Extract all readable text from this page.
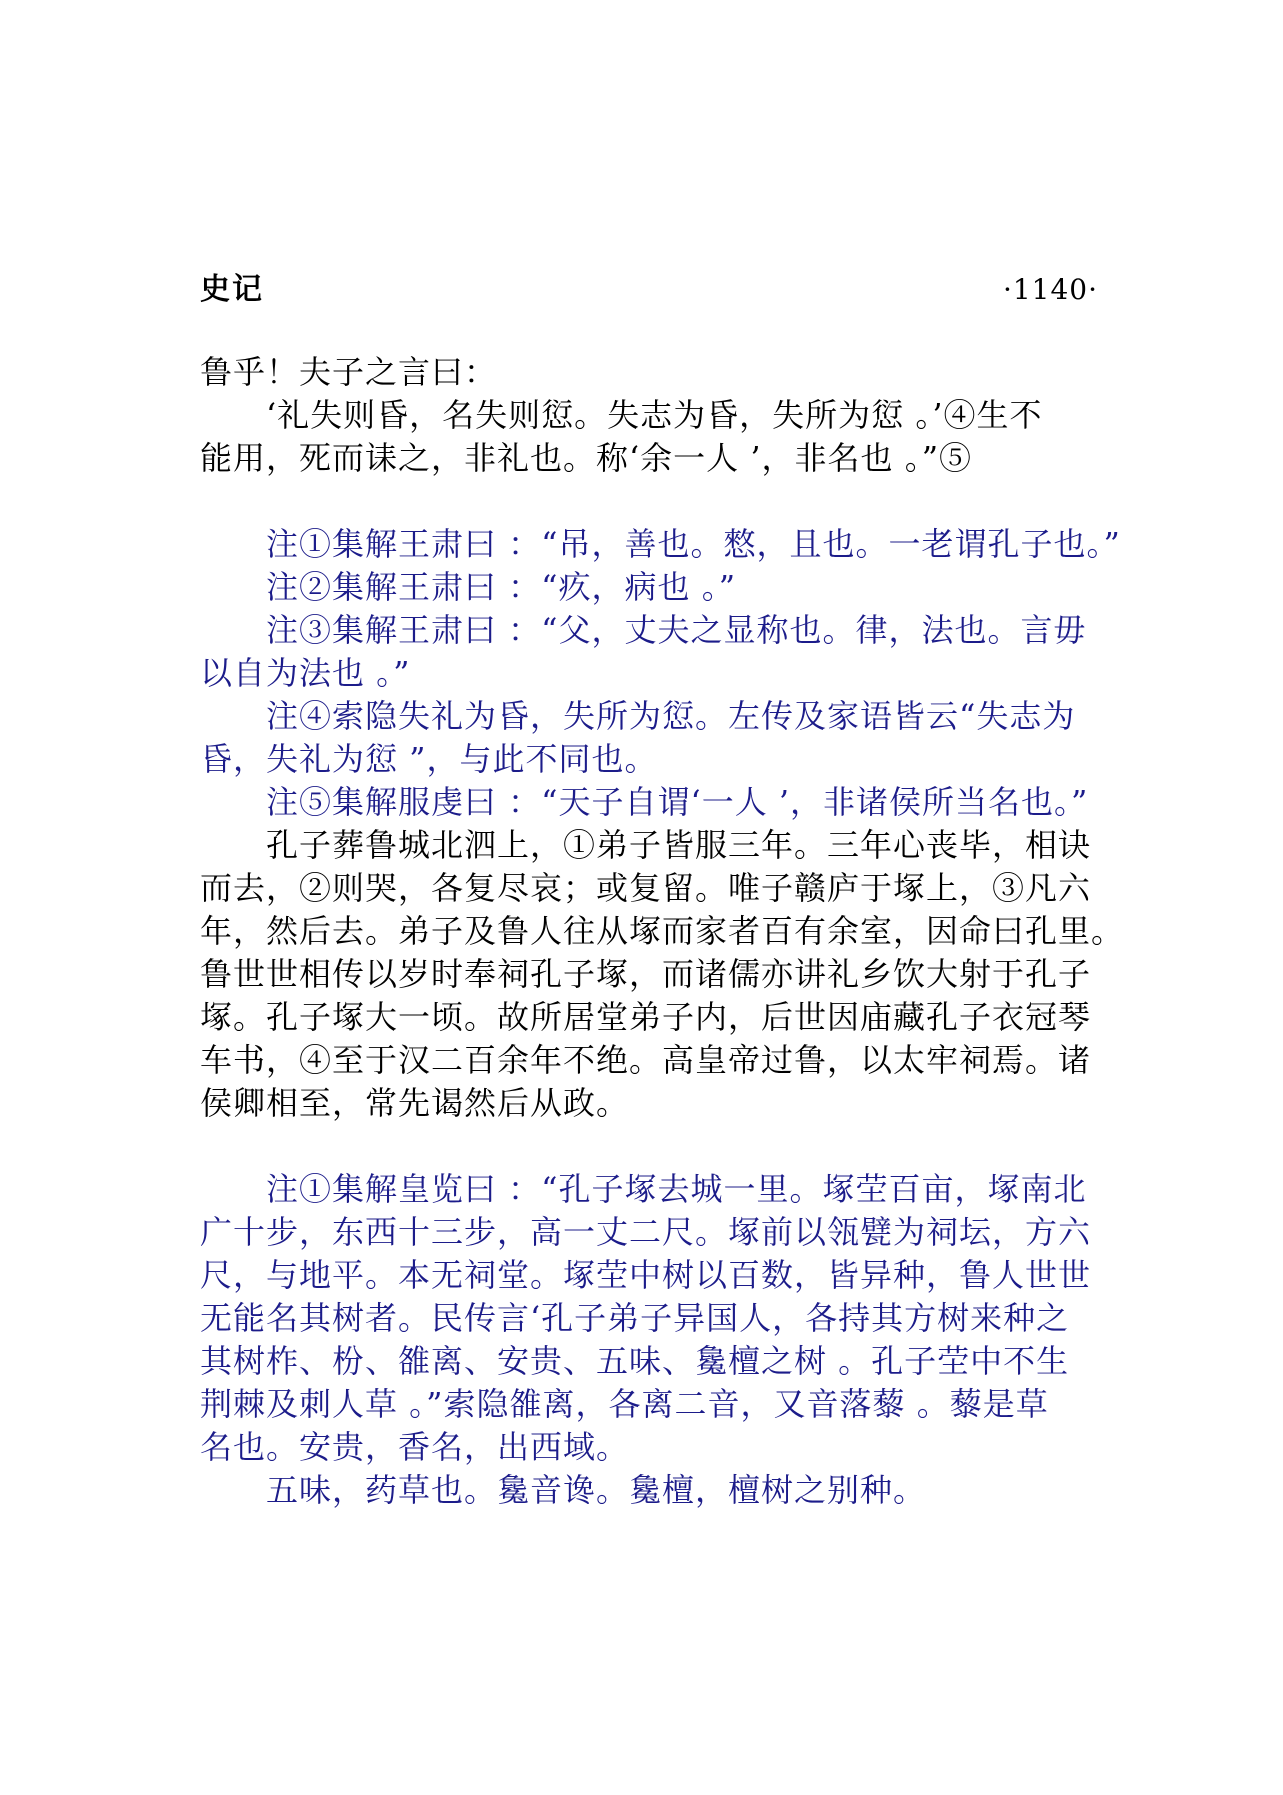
史记	·1140·
鲁乎！夫子之言曰：
‘礼失则昏，名失则愆。失志为昏，失所为愆 。’④生不
能用，死而诔之，非礼也。称‘余一人 ’，非名也 。”⑤
注①集解王肃曰 ：“吊，善也。憗，且也。一老谓孔子也。”
注②集解王肃曰 ：“疚，病也 。”
注③集解王肃曰 ：“父，丈夫之显称也。律，法也。言毋
以自为法也 。”
注④索隐失礼为昏，失所为愆。左传及家语皆云“失志为
昏，失礼为愆 ”，与此不同也。
注⑤集解服虔曰 ：“天子自谓‘一人 ’，非诸侯所当名也。”
孔子葬鲁城北泗上，①弟子皆服三年。三年心丧毕，相诀
而去，②则哭，各复尽哀；或复留。唯子赣庐于塚上，③凡六
年，然后去。弟子及鲁人往从塚而家者百有余室，因命曰孔里。
鲁世世相传以岁时奉祠孔子塚，而诸儒亦讲礼乡饮大射于孔子
塚。孔子塚大一顷。故所居堂弟子内，后世因庙藏孔子衣冠琴
车书，④至于汉二百余年不绝。高皇帝过鲁，以太牢祠焉。诸
侯卿相至，常先谒然后从政。
注①集解皇览曰 ：“孔子塚去城一里。塚茔百亩，塚南北
广十步，东西十三步，高一丈二尺。塚前以瓴甓为祠坛，方六
尺，与地平。本无祠堂。塚茔中树以百数，皆异种，鲁人世世
无能名其树者。民传言‘孔子弟子异国人，各持其方树来种之
其树柞、枌、雒离、安贵、五味、毚檀之树 。孔子茔中不生
荆棘及刺人草 。”索隐雒离，各离二音，又音落藜 。藜是草
名也。安贵，香名，出西域。
五味，药草也。毚音谗。毚檀，檀树之别种。
